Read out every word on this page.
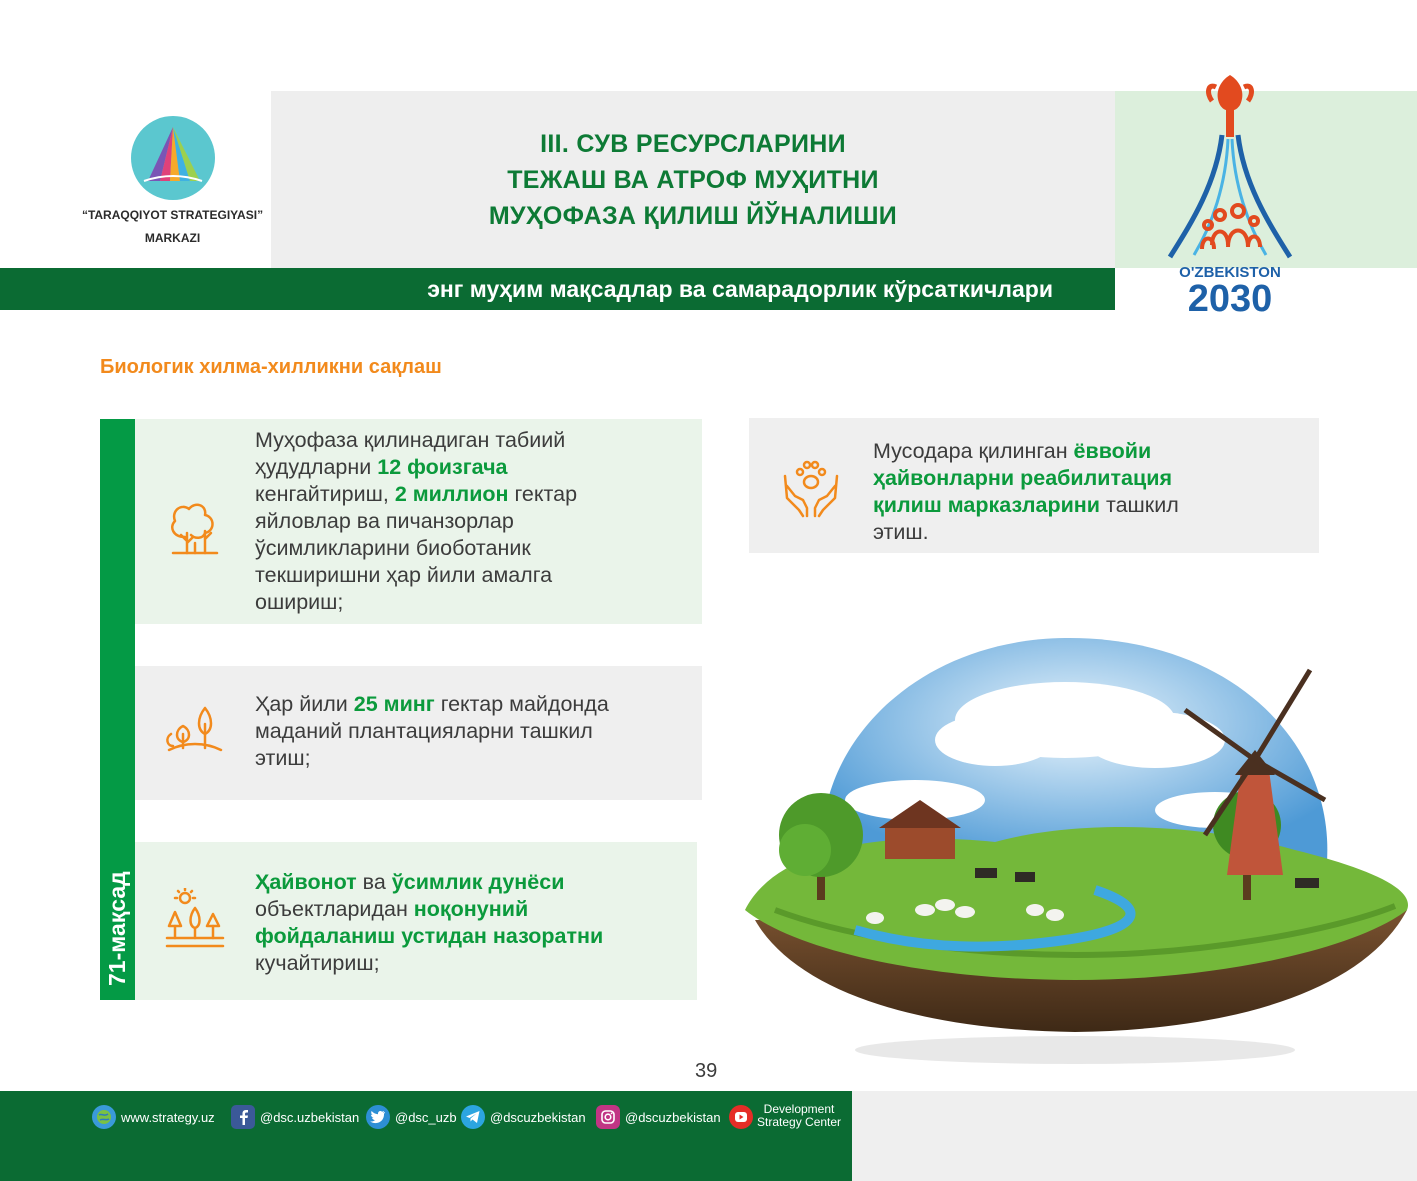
“TARAQQIYOT STRATEGIYASI”
MARKAZI
III. СУВ РЕСУРСЛАРИНИ
ТЕЖАШ ВА АТРОФ МУҲИТНИ
МУҲОФАЗА ҚИЛИШ ЙЎНАЛИШИ
энг муҳим мақсадлар ва самарадорлик кўрсаткичлари
O'ZBEKISTON
2030
Биологик хилма-хилликни сақлаш
71-мақсад
Муҳофаза қилинадиган табиий
ҳудудларни 12 фоизгача
кенгайтириш, 2 миллион гектар
яйловлар ва пичанзорлар
ўсимликларини биоботаник
текширишни ҳар йили амалга
ошириш;
Ҳар йили 25 минг гектар майдонда
маданий плантацияларни ташкил
этиш;
Ҳайвонот ва ўсимлик дунёси
объектларидан ноқонуний
фойдаланиш устидан назоратни
кучайтириш;
Мусодара қилинган ёввойи
ҳайвонларни реабилитация
қилиш марказларини ташкил
этиш.
39
www.strategy.uz	@dsc.uzbekistan	@dsc_uzb	@dscuzbekistan	@dscuzbekistan
Development
Strategy Center
